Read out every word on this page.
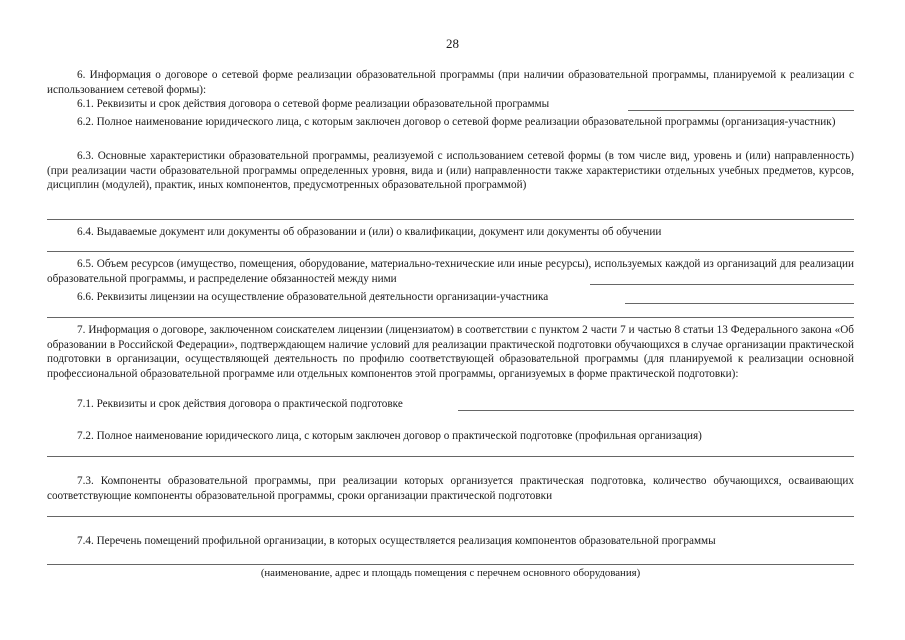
28

6. Информация о договоре о сетевой форме реализации образовательной программы (при наличии образовательной программы, планируемой к реализации с использованием сетевой формы):

6.1. Реквизиты и срок действия договора о сетевой форме реализации образовательной программы

6.2. Полное наименование юридического лица, с которым заключен договор о сетевой форме реализации образовательной программы (организация-участник)

6.3. Основные характеристики образовательной программы, реализуемой с использованием сетевой формы (в том числе вид, уровень и (или) направленность) (при реализации части образовательной программы определенных уровня, вида и (или) направленности также характеристики отдельных учебных предметов, курсов, дисциплин (модулей), практик, иных компонентов, предусмотренных образовательной программой)

6.4. Выдаваемые документ или документы об образовании и (или) о квалификации, документ или документы об обучении

6.5. Объем ресурсов (имущество, помещения, оборудование, материально-технические или иные ресурсы), используемых каждой из организаций для реализации образовательной программы, и распределение обязанностей между ними

6.6. Реквизиты лицензии на осуществление образовательной деятельности организации-участника

7. Информация о договоре, заключенном соискателем лицензии (лицензиатом) в соответствии с пунктом 2 части 7 и частью 8 статьи 13 Федерального закона «Об образовании в Российской Федерации», подтверждающем наличие условий для реализации практической подготовки обучающихся в случае организации практической подготовки в организации, осуществляющей деятельность по профилю соответствующей образовательной программы (для планируемой к реализации основной профессиональной образовательной программе или отдельных компонентов этой программы, организуемых в форме практической подготовки):

7.1. Реквизиты и срок действия договора о практической подготовке

7.2. Полное наименование юридического лица, с которым заключен договор о практической подготовке (профильная организация)

7.3. Компоненты образовательной программы, при реализации которых организуется практическая подготовка, количество обучающихся, осваивающих соответствующие компоненты образовательной программы, сроки организации практической подготовки

7.4. Перечень помещений профильной организации, в которых осуществляется реализация компонентов образовательной программы

(наименование, адрес и площадь помещения с перечнем основного оборудования)
